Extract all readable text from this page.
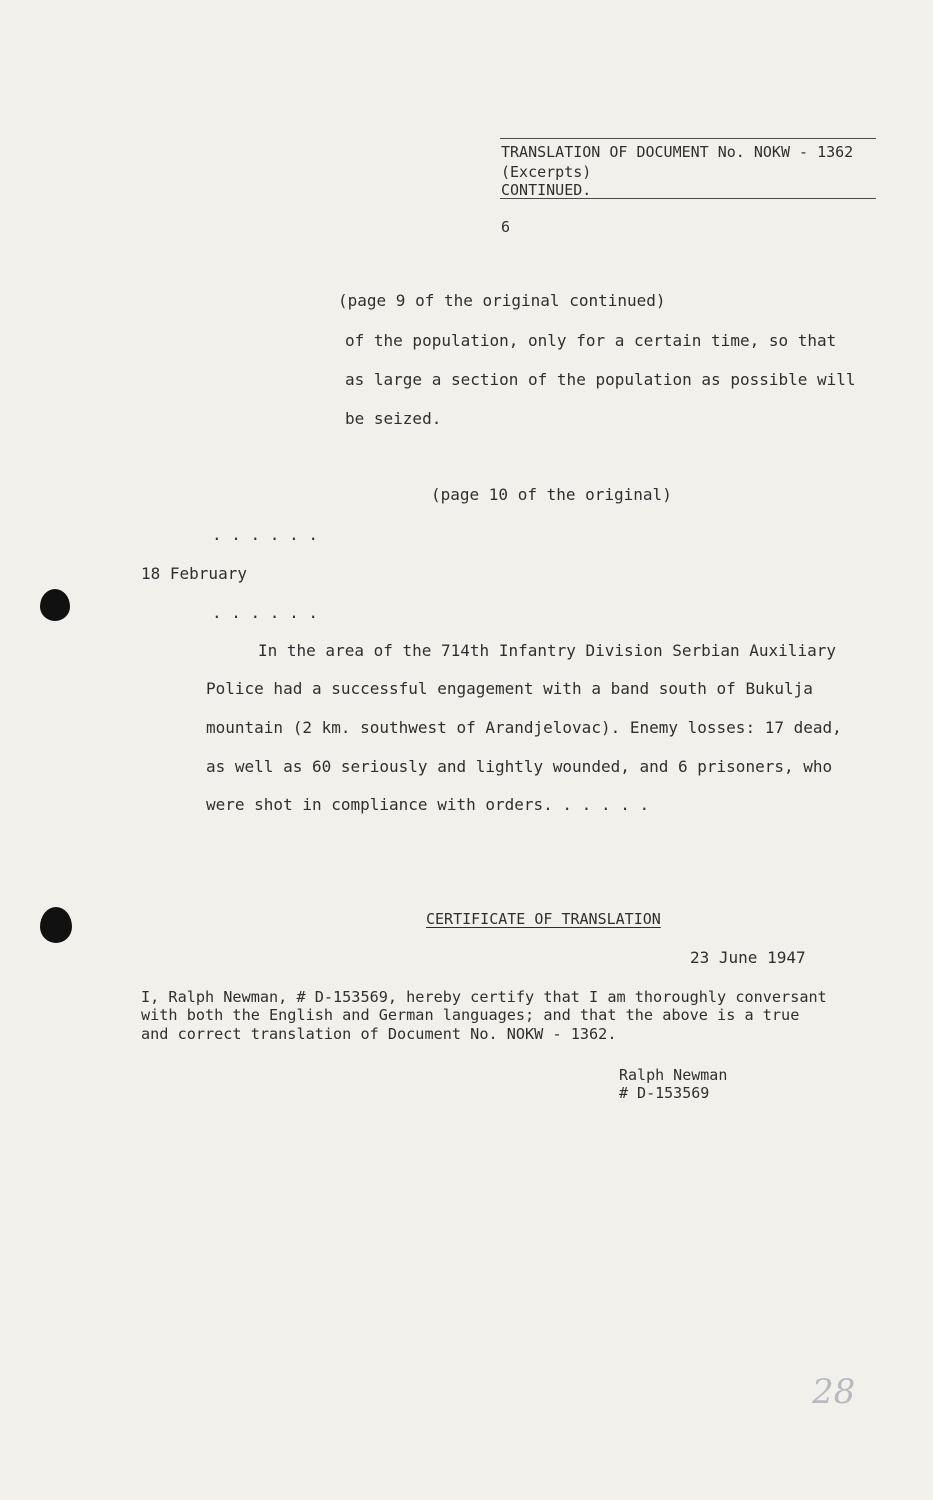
TRANSLATION OF DOCUMENT No. NOKW - 1362
(Excerpts)
CONTINUED.
6
(page 9 of the original continued)
of the population, only for a certain time, so that
as large a section of the population as possible will
be seized.
(page 10 of the original)
. . . . . .
18 February
. . . . . .
In the area of the 714th Infantry Division Serbian Auxiliary
Police had a successful engagement with a band south of Bukulja
mountain (2 km. southwest of Arandjelovac). Enemy losses: 17 dead,
as well as 60 seriously and lightly wounded, and 6 prisoners, who
were shot in compliance with orders. . . . . .
CERTIFICATE OF TRANSLATION
23 June 1947
I, Ralph Newman, # D-153569, hereby certify that I am thoroughly conversant
with both the English and German languages; and that the above is a true
and correct translation of Document No. NOKW - 1362.
Ralph Newman
# D-153569
28
